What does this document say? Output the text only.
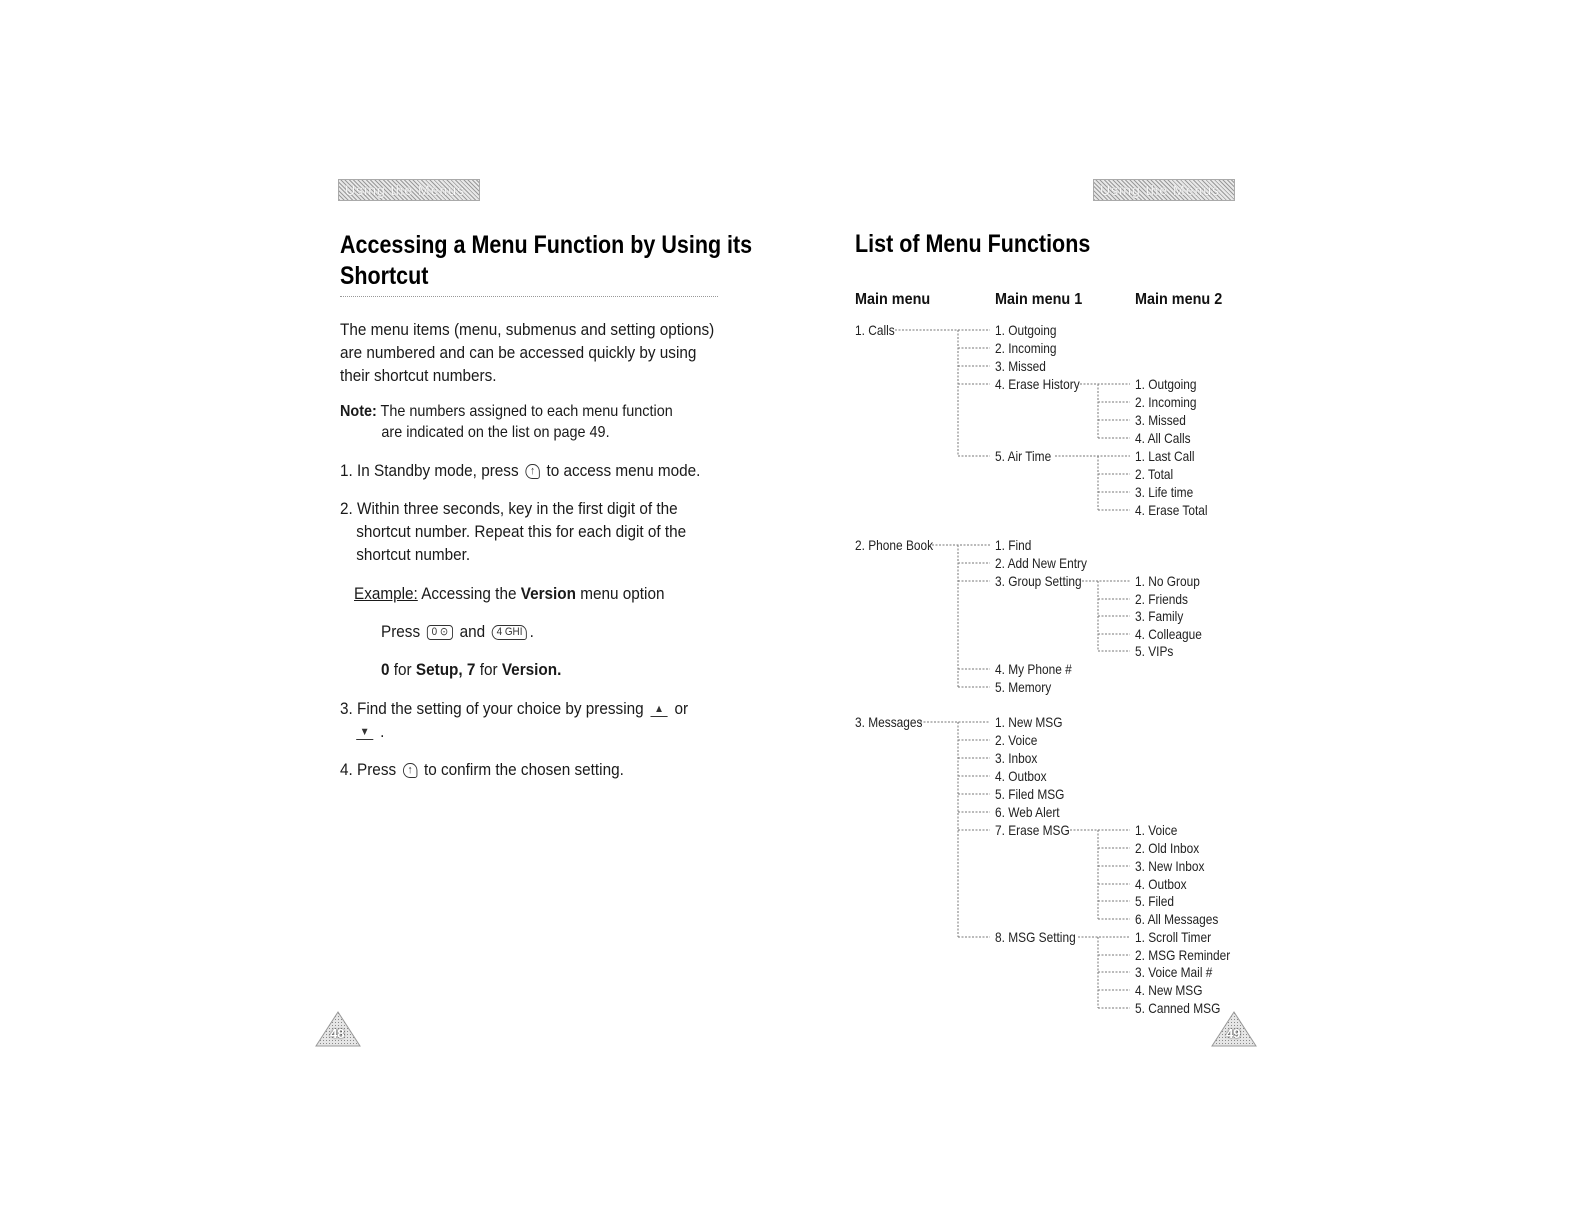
Using the Menus
Accessing a Menu Function by Using its
Shortcut

The menu items (menu, submenus and setting options)
are numbered and can be accessed quickly by using
their shortcut numbers.

Note: The numbers assigned to each menu function
are indicated on the list on page 49.
1. In Standby mode, press ↑ to access menu mode.
2. Within three seconds, key in the first digit of the
shortcut number. Repeat this for each digit of the
shortcut number.
Example: Accessing the Version menu option
Press 0 ⊙ and 4 GHI .
0 for Setup, 7 for Version.
3. Find the setting of your choice by pressing ▲ or
▼ .
4. Press ↑ to confirm the chosen setting.
48
Using the Menus
List of Menu Functions
Main menu	Main menu 1	Main menu 2
1. Calls
2. Phone Book
3. Messages
1. Outgoing
2. Incoming
3. Missed
4. Erase History
5. Air Time
1. Outgoing
2. Incoming
3. Missed
4. All Calls
1. Last Call
2. Total
3. Life time
4. Erase Total
1. Find
2. Add New Entry
3. Group Setting
4. My Phone #
5. Memory
1. No Group
2. Friends
3. Family
4. Colleague
5. VIPs
1. New MSG
2. Voice
3. Inbox
4. Outbox
5. Filed MSG
6. Web Alert
7. Erase MSG
8. MSG Setting
1. Voice
2. Old Inbox
3. New Inbox
4. Outbox
5. Filed
6. All Messages
1. Scroll Timer
2. MSG Reminder
3. Voice Mail #
4. New MSG
5. Canned MSG
49
